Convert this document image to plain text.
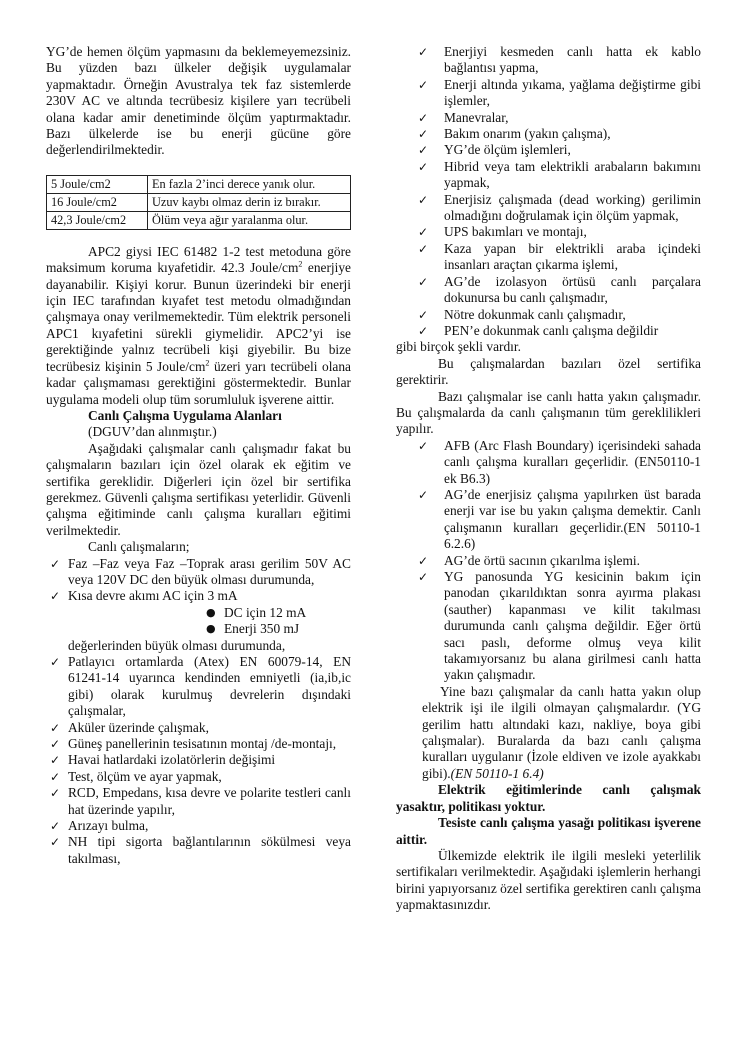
YG’de hemen ölçüm yapmasını da beklemeyemezsiniz. Bu yüzden bazı ülkeler değişik uygulamalar yapmaktadır. Örneğin Avustralya tek faz sistemlerde 230V AC ve altında tecrübesiz kişilere yarı tecrübeli olana kadar amir denetiminde ölçüm yaptırmaktadır. Bazı ülkelerde ise bu enerji gücüne göre değerlendirilmektedir.

5 Joule/cm2	En fazla 2’inci derece yanık olur.
16 Joule/cm2	Uzuv kaybı olmaz derin iz bırakır.
42,3 Joule/cm2	Ölüm veya ağır yaralanma olur.

APC2 giysi IEC 61482 1-2 test metoduna göre maksimum koruma kıyafetidir. 42.3 Joule/$cm^2$ enerjiye dayanabilir. Kişiyi korur. Bunun üzerindeki bir enerji için IEC tarafından kıyafet test metodu olmadığından çalışmaya onay verilmemektedir. Tüm elektrik personeli APC1 kıyafetini sürekli giymelidir. APC2’yi ise gerektiğinde yalnız tecrübeli kişi giyebilir. Bu bize tecrübesiz kişinin 5 Joule/$cm^2$ üzeri yarı tecrübeli olana kadar çalışmaması gerektiğini göstermektedir. Bunlar uygulama modeli olup tüm sorumluluk işverene aittir.

Canlı Çalışma Uygulama Alanları

(DGUV’dan alınmıştır.)

Aşağıdaki çalışmalar canlı çalışmadır fakat bu çalışmaların bazıları için özel olarak ek eğitim ve sertifika gereklidir. Diğerleri için özel bir sertifika gerekmez. Güvenli çalışma sertifikası yeterlidir. Güvenli çalışma eğitiminde canlı çalışma kuralları eğitimi verilmektedir.

Canlı çalışmaların;

✓ Faz –Faz veya Faz –Toprak arası gerilim 50V AC veya 120V DC den büyük olması durumunda,
✓ Kısa devre akımı AC için 3 mA
● DC için 12 mA
● Enerji 350 mJ

değerlerinden büyük olması durumunda,

✓ Patlayıcı ortamlarda (Atex) EN 60079-14, EN 61241-14 uyarınca kendinden emniyetli (ia,ib,ic gibi) olarak kurulmuş devrelerin dışındaki çalışmalar,
✓ Aküler üzerinde çalışmak,
✓ Güneş panellerinin tesisatının montaj /de-montajı,
✓ Havai hatlardaki izolatörlerin değişimi
✓ Test, ölçüm ve ayar yapmak,
✓ RCD, Empedans, kısa devre ve polarite testleri canlı hat üzerinde yapılır,
✓ Arızayı bulma,
✓ NH tipi sigorta bağlantılarının sökülmesi veya takılması,
✓ Enerjiyi kesmeden canlı hatta ek kablo bağlantısı yapma,
✓ Enerji altında yıkama, yağlama değiştirme gibi işlemler,
✓ Manevralar,
✓ Bakım onarım (yakın çalışma),
✓ YG’de ölçüm işlemleri,
✓ Hibrid veya tam elektrikli arabaların bakımını yapmak,
✓ Enerjisiz çalışmada (dead working) gerilimin olmadığını doğrulamak için ölçüm yapmak,
✓ UPS bakımları ve montajı,
✓ Kaza yapan bir elektrikli araba içindeki insanları araçtan çıkarma işlemi,
✓ AG’de izolasyon örtüsü canlı parçalara dokunursa bu canlı çalışmadır,
✓ Nötre dokunmak canlı çalışmadır,
✓ PEN’e dokunmak canlı çalışma değildir

gibi birçok şekli vardır.

Bu çalışmalardan bazıları özel sertifika gerektirir.

Bazı çalışmalar ise canlı hatta yakın çalışmadır. Bu çalışmalarda da canlı çalışmanın tüm gereklilikleri yapılır.

✓ AFB (Arc Flash Boundary) içerisindeki sahada canlı çalışma kuralları geçerlidir. (EN50110-1 ek B6.3)
✓ AG’de enerjisiz çalışma yapılırken üst barada enerji var ise bu yakın çalışma demektir. Canlı çalışmanın kuralları geçerlidir.(EN 50110-1 6.2.6)
✓ AG’de örtü sacının çıkarılma işlemi.
✓ YG panosunda YG kesicinin bakım için panodan çıkarıldıktan sonra ayırma plakası (sauther) kapanması ve kilit takılması durumunda canlı çalışma değildir. Eğer örtü sacı paslı, deforme olmuş veya kilit takamıyorsanız bu alana girilmesi canlı hatta yakın çalışmadır.

Yine bazı çalışmalar da canlı hatta yakın olup elektrik işi ile ilgili olmayan çalışmalardır. (YG gerilim hattı altındaki kazı, nakliye, boya gibi çalışmalar). Buralarda da bazı canlı çalışma kuralları uygulanır (İzole eldiven ve izole ayakkabı gibi).(EN 50110-1 6.4)

Elektrik eğitimlerinde canlı çalışmak yasaktır, politikası yoktur.

Tesiste canlı çalışma yasağı politikası işverene aittir.

Ülkemizde elektrik ile ilgili mesleki yeterlilik sertifikaları verilmektedir. Aşağıdaki işlemlerin herhangi birini yapıyorsanız özel sertifika gerektiren canlı çalışma yapmaktasınızdır.
